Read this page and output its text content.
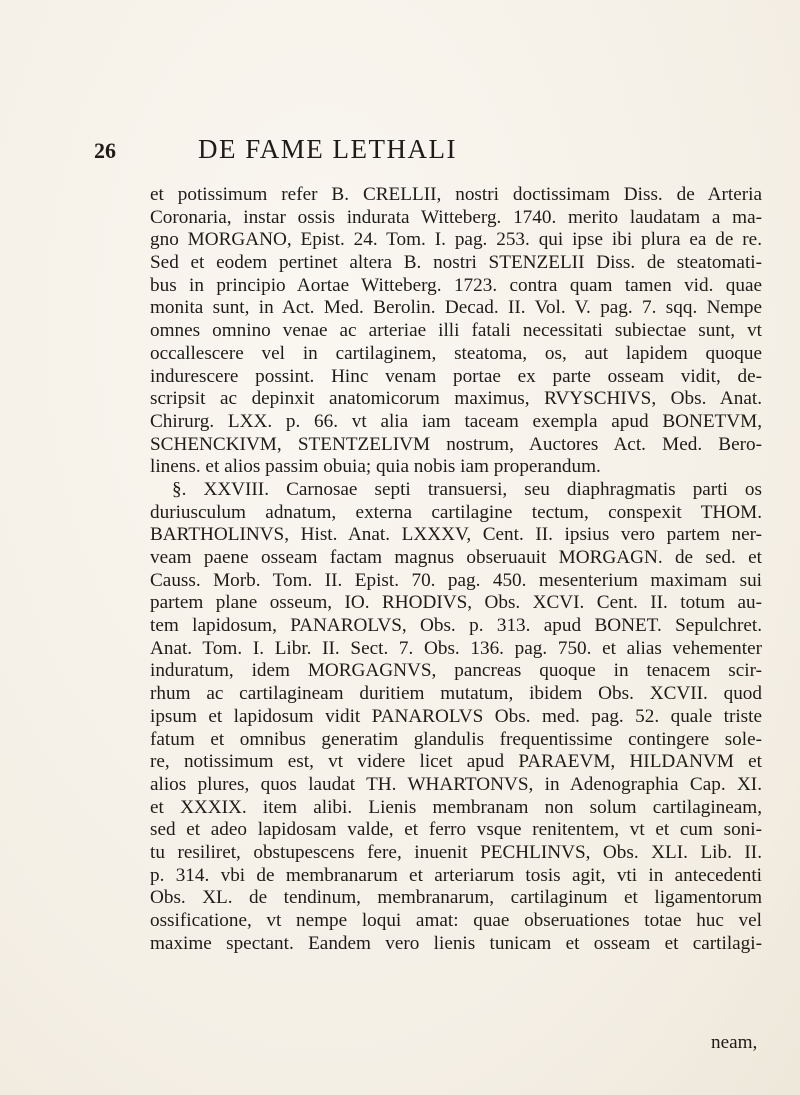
26	DE FAME LETHALI
et potissimum refer B. CRELLII, nostri doctissimam Diss. de Arteria
Coronaria, instar ossis indurata Witteberg. 1740. merito laudatam a ma-
gno MORGANO, Epist. 24. Tom. I. pag. 253. qui ipse ibi plura ea de re.
Sed et eodem pertinet altera B. nostri STENZELII Diss. de steatomati-
bus in principio Aortae Witteberg. 1723. contra quam tamen vid. quae
monita sunt, in Act. Med. Berolin. Decad. II. Vol. V. pag. 7. sqq. Nempe
omnes omnino venae ac arteriae illi fatali necessitati subiectae sunt, vt
occallescere vel in cartilaginem, steatoma, os, aut lapidem quoque
indurescere possint. Hinc venam portae ex parte osseam vidit, de-
scripsit ac depinxit anatomicorum maximus, RVYSCHIVS, Obs. Anat.
Chirurg. LXX. p. 66. vt alia iam taceam exempla apud BONETVM,
SCHENCKIVM, STENTZELIVM nostrum, Auctores Act. Med. Bero-
linens. et alios passim obuia; quia nobis iam properandum.
§. XXVIII. Carnosae septi transuersi, seu diaphragmatis parti os
duriusculum adnatum, externa cartilagine tectum, conspexit THOM.
BARTHOLINVS, Hist. Anat. LXXXV, Cent. II. ipsius vero partem ner-
veam paene osseam factam magnus obseruauit MORGAGN. de sed. et
Causs. Morb. Tom. II. Epist. 70. pag. 450. mesenterium maximam sui
partem plane osseum, IO. RHODIVS, Obs. XCVI. Cent. II. totum au-
tem lapidosum, PANAROLVS, Obs. p. 313. apud BONET. Sepulchret.
Anat. Tom. I. Libr. II. Sect. 7. Obs. 136. pag. 750. et alias vehementer
induratum, idem MORGAGNVS, pancreas quoque in tenacem scir-
rhum ac cartilagineam duritiem mutatum, ibidem Obs. XCVII. quod
ipsum et lapidosum vidit PANAROLVS Obs. med. pag. 52. quale triste
fatum et omnibus generatim glandulis frequentissime contingere sole-
re, notissimum est, vt videre licet apud PARAEVM, HILDANVM et
alios plures, quos laudat TH. WHARTONVS, in Adenographia Cap. XI.
et XXXIX. item alibi. Lienis membranam non solum cartilagineam,
sed et adeo lapidosam valde, et ferro vsque renitentem, vt et cum soni-
tu resiliret, obstupescens fere, inuenit PECHLINVS, Obs. XLI. Lib. II.
p. 314. vbi de membranarum et arteriarum tosis agit, vti in antecedenti
Obs. XL. de tendinum, membranarum, cartilaginum et ligamentorum
ossificatione, vt nempe loqui amat: quae obseruationes totae huc vel
maxime spectant. Eandem vero lienis tunicam et osseam et cartilagi-
neam,
